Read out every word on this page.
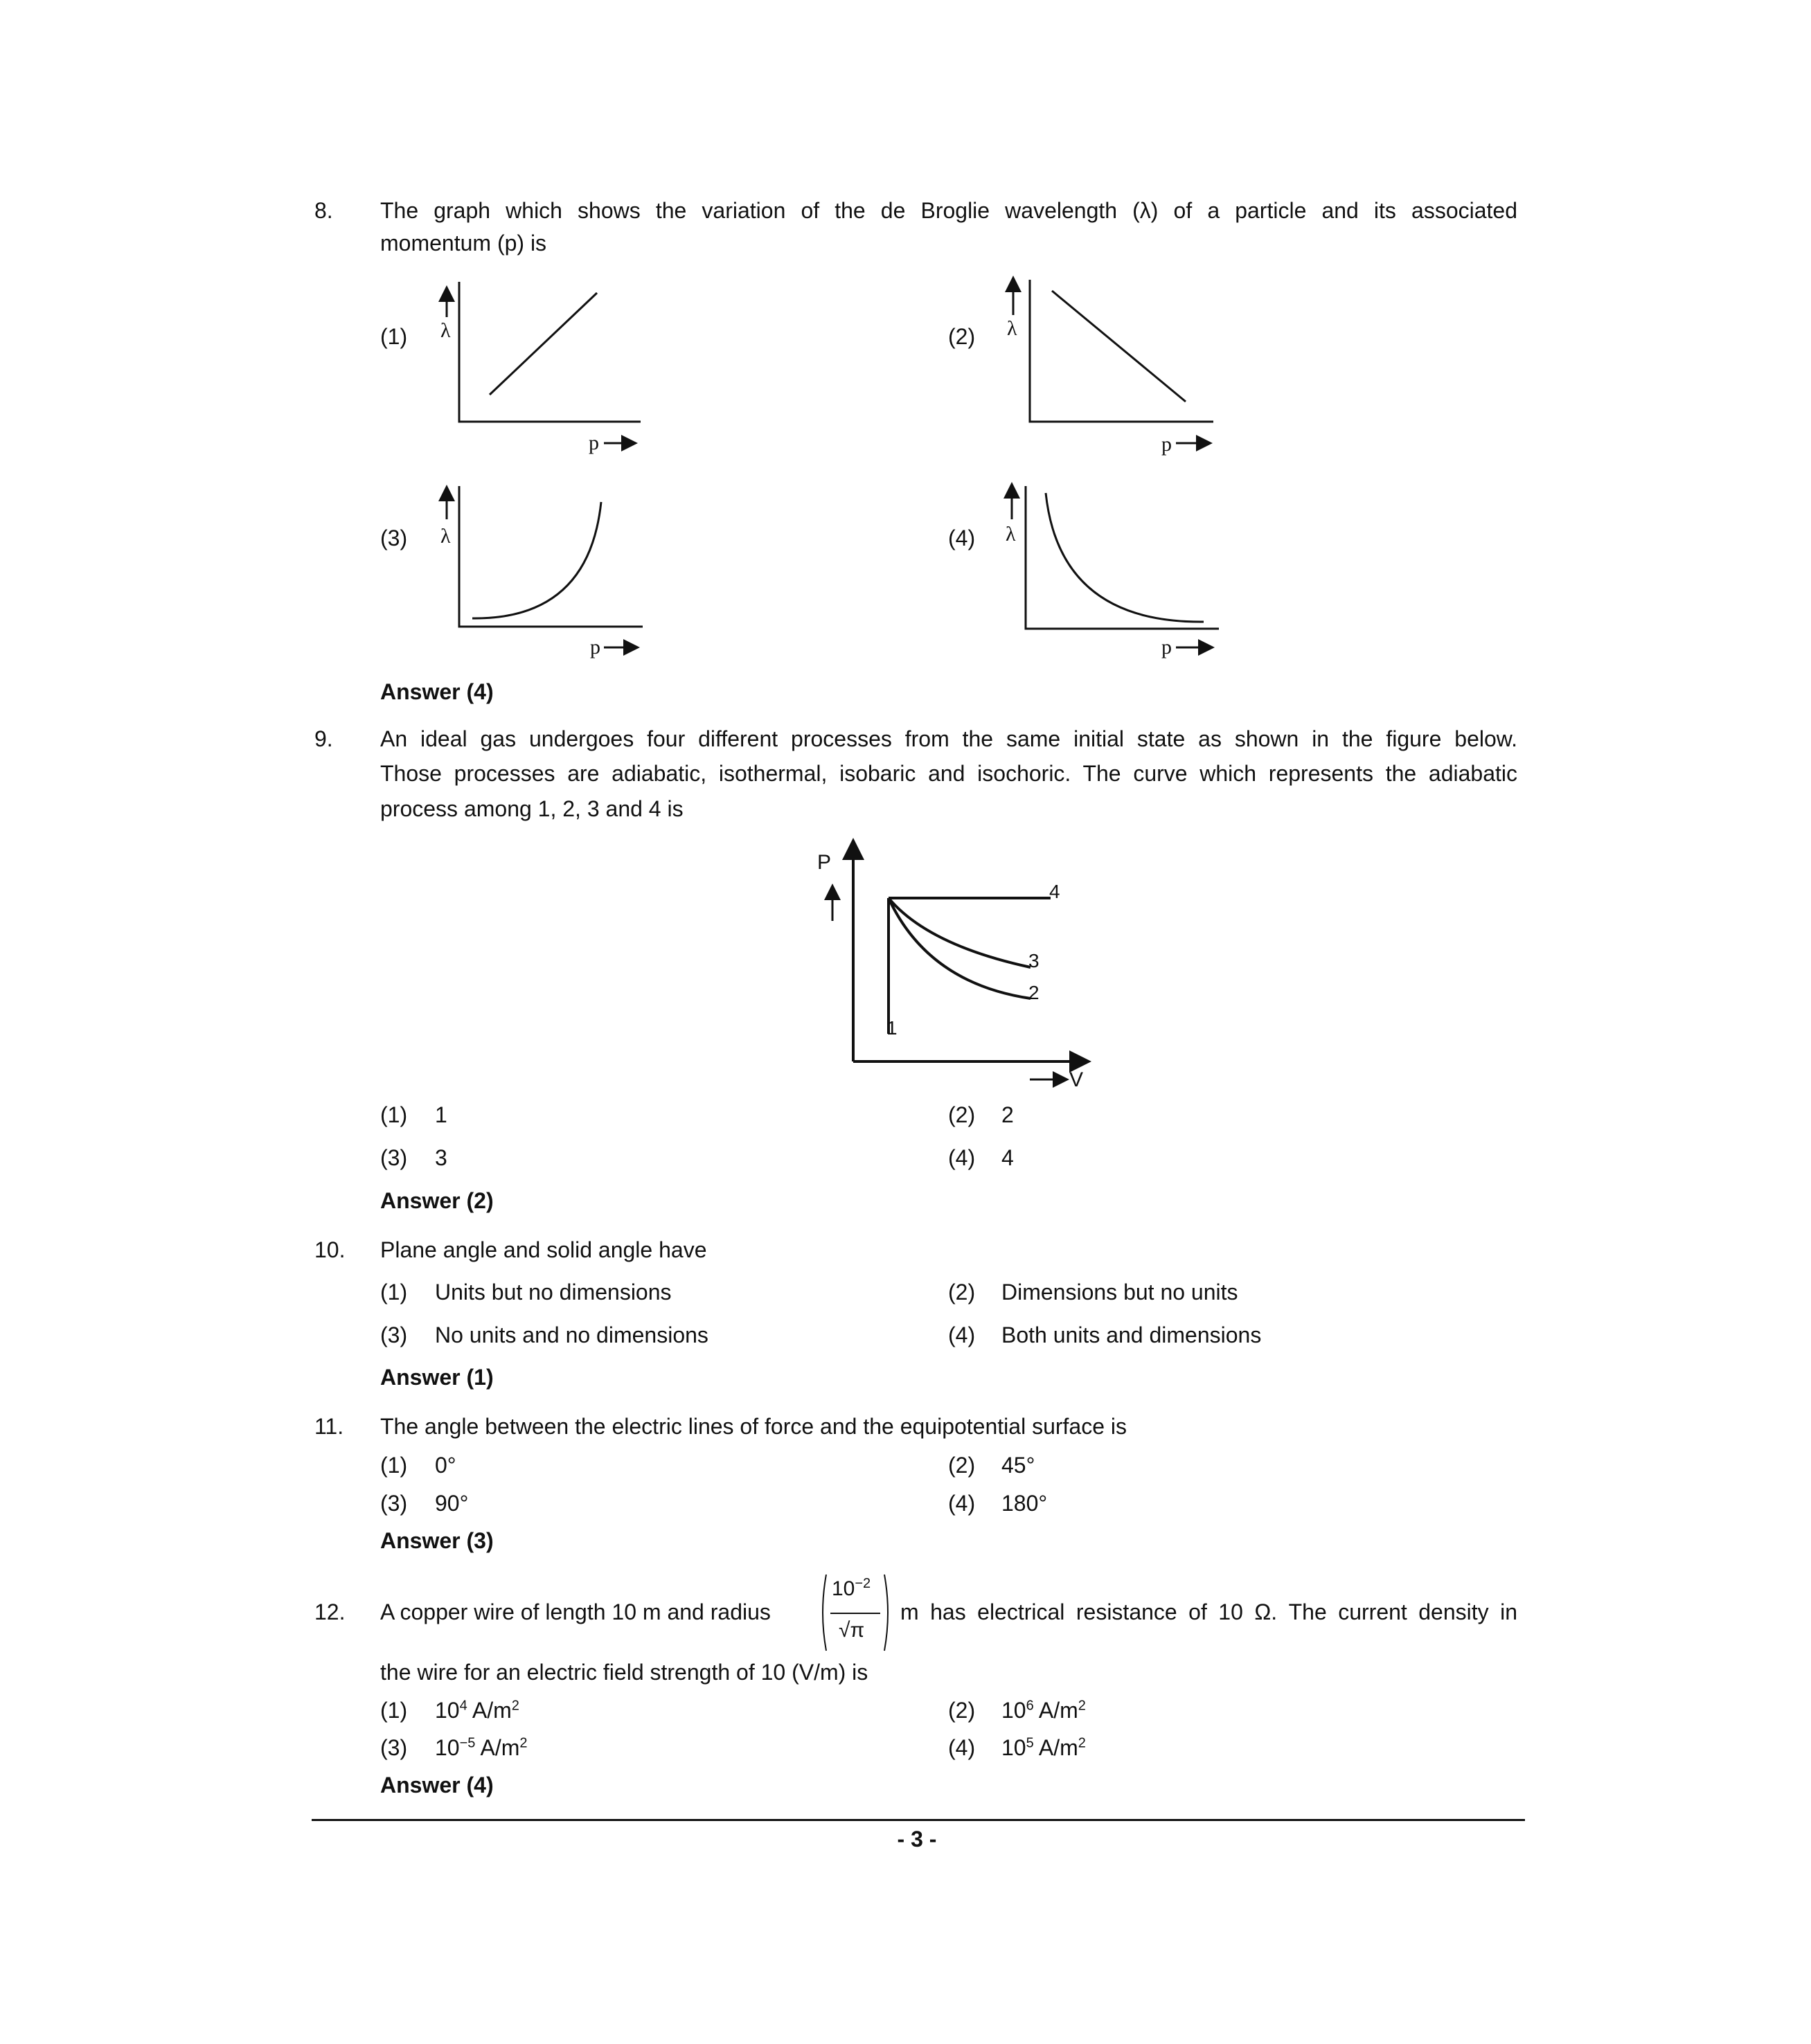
8. The graph which shows the variation of the de Broglie wavelength (λ) of a particle and its associated
momentum (p) is
(1)	(2)
(3)	(4)
λ	λ
λ	λ
p	p
p	p
Answer (4)
9. An ideal gas undergoes four different processes from the same initial state as shown in the figure below.
Those processes are adiabatic, isothermal, isobaric and isochoric. The curve which represents the adiabatic
process among 1, 2, 3 and 4 is
P
V
1
2
3
4
(1) 1	(2) 2
(3) 3	(4) 4
Answer (2)
10. Plane angle and solid angle have
(1) Units but no dimensions	(2) Dimensions but no units
(3) No units and no dimensions	(4) Both units and dimensions
Answer (1)
11. The angle between the electric lines of force and the equipotential surface is
(1) 0°	(2) 45°
(3) 90°	(4) 180°
Answer (3)
12. A copper wire of length 10 m and radius
$10^{-2}$
√π
m has electrical resistance of 10 Ω. The current density in
the wire for an electric field strength of 10 (V/m) is
(1) $10^4$ $A/m^2$	(2) $10^6$ $A/m^2$
(3) $10^{-5}$ $A/m^2$	(4) $10^5$ $A/m^2$
Answer (4)
- 3 -
